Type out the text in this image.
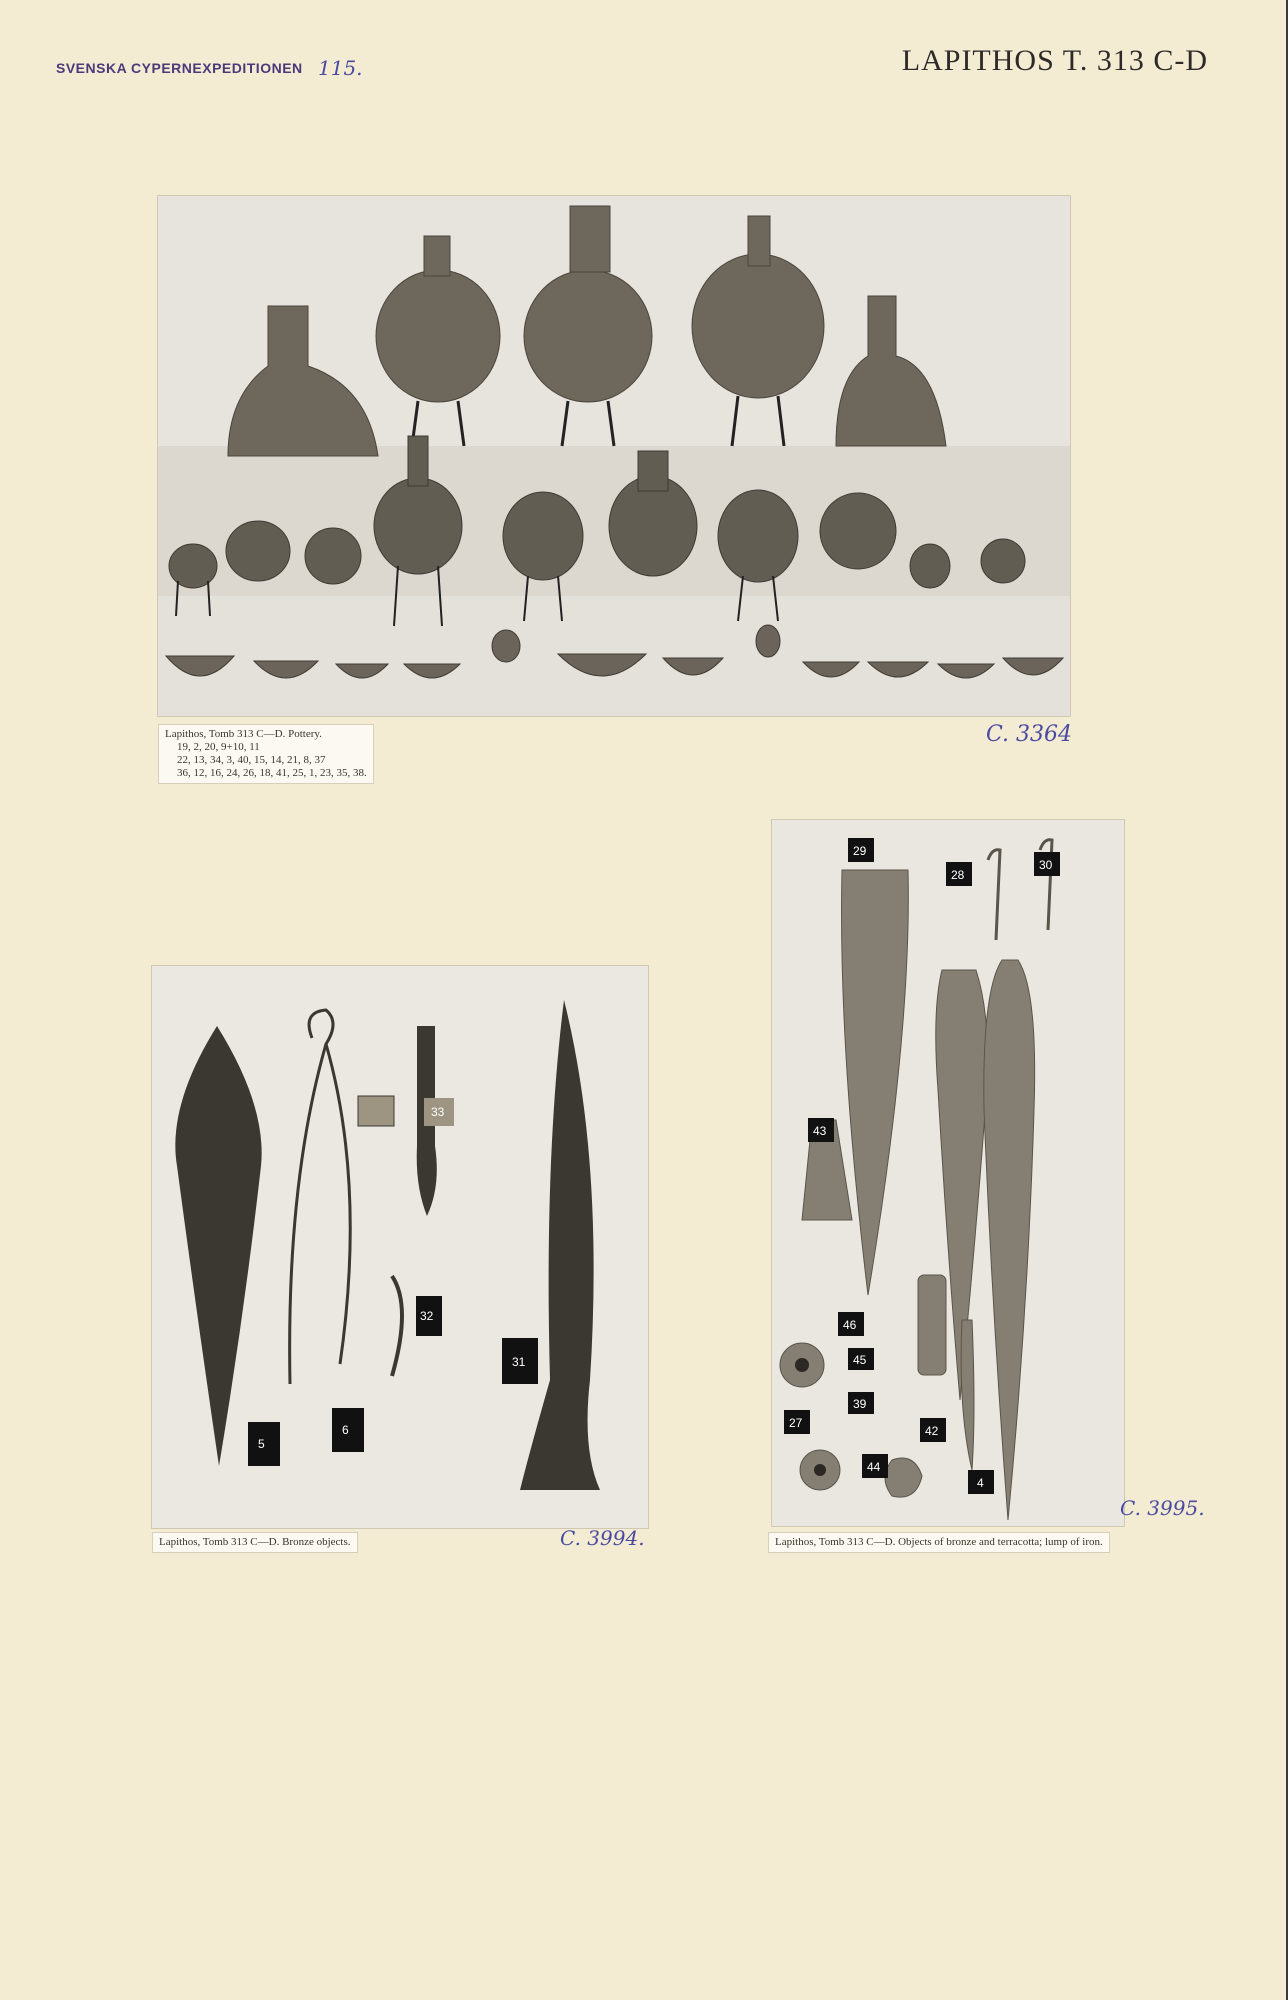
SVENSKA CYPERNEXPEDITIONEN 115.	LAPITHOS T. 313 C-D
Lapithos, Tomb 313 C—D. Pottery.
19, 2, 20, 9+10, 11
22, 13, 34, 3, 40, 15, 14, 21, 8, 37
36, 12, 16, 24, 26, 18, 41, 25, 1, 23, 35, 38.
C. 3364
Lapithos, Tomb 313 C—D. Bronze objects.	C. 3994.	Lapithos, Tomb 313 C—D. Objects of bronze and terracotta; lump of iron.
C. 3995.
5
6
32
31
33
29
28
30
43
46
45
39
27
42
44
4
